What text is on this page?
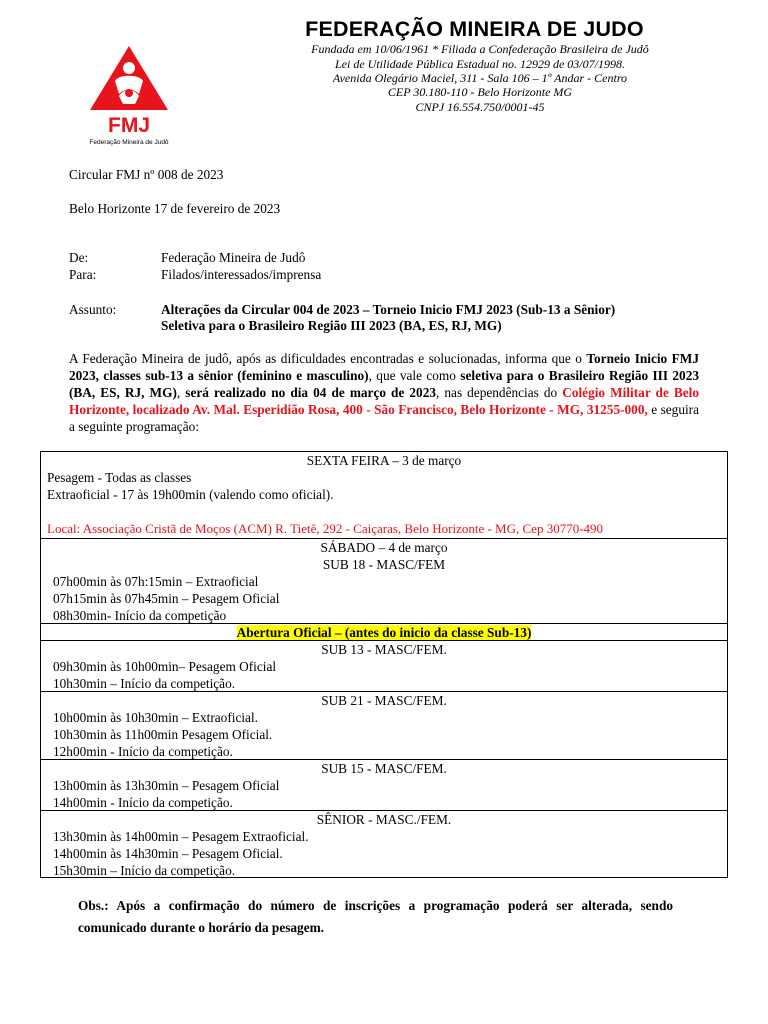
FMJ
Federação Mineira de Judô
FEDERAÇÃO MINEIRA DE JUDO
Fundada em 10/06/1961 * Filiada a Confederação Brasileira de Judô
Lei de Utilidade Pública Estadual no. 12929 de 03/07/1998.
Avenida Olegário Maciel, 311 - Sala 106 – 1º Andar - Centro
CEP 30.180-110 - Belo Horizonte MG
CNPJ 16.554.750/0001-45
Circular FMJ nº 008 de 2023
Belo Horizonte 17 de fevereiro de 2023
De:	Federação Mineira de Judô
Para:	Filados/interessados/imprensa
Assunto:	Alterações da Circular 004 de 2023 – Torneio Inicio FMJ 2023 (Sub-13 a Sênior)
Seletiva para o Brasileiro Região III 2023 (BA, ES, RJ, MG)
A Federação Mineira de judô, após as dificuldades encontradas e solucionadas, informa que o Torneio Inicio FMJ 2023, classes sub-13 a sênior (feminino e masculino), que vale como seletiva para o Brasileiro Região III 2023 (BA, ES, RJ, MG), será realizado no dia 04 de março de 2023, nas dependências do Colégio Militar de Belo Horizonte, localizado Av. Mal. Esperidião Rosa, 400 - São Francisco, Belo Horizonte - MG, 31255-000, e seguira a seguinte programação:
SEXTA FEIRA – 3 de março
Pesagem - Todas as classes
Extraoficial - 17 às 19h00min (valendo como oficial).
Local: Associação Cristã de Moços (ACM) R. Tietê, 292 - Caiçaras, Belo Horizonte - MG, Cep 30770-490
SÁBADO – 4 de março
SUB 18 - MASC/FEM
07h00min às 07h:15min – Extraoficial
07h15min às 07h45min – Pesagem Oficial
08h30min- Início da competição
Abertura Oficial – (antes do inicio da classe Sub-13)
SUB 13 - MASC/FEM.
09h30min às 10h00min– Pesagem Oficial
10h30min – Início da competição.
SUB 21 - MASC/FEM.
10h00min às 10h30min – Extraoficial.
10h30min às 11h00min Pesagem Oficial.
12h00min - Início da competição.
SUB 15 - MASC/FEM.
13h00min às 13h30min – Pesagem Oficial
14h00min - Início da competição.
SÊNIOR - MASC./FEM.
13h30min às 14h00min – Pesagem Extraoficial.
14h00min às 14h30min – Pesagem Oficial.
15h30min – Início da competição.
Obs.: Após a confirmação do número de inscrições a programação poderá ser alterada, sendo comunicado durante o horário da pesagem.
